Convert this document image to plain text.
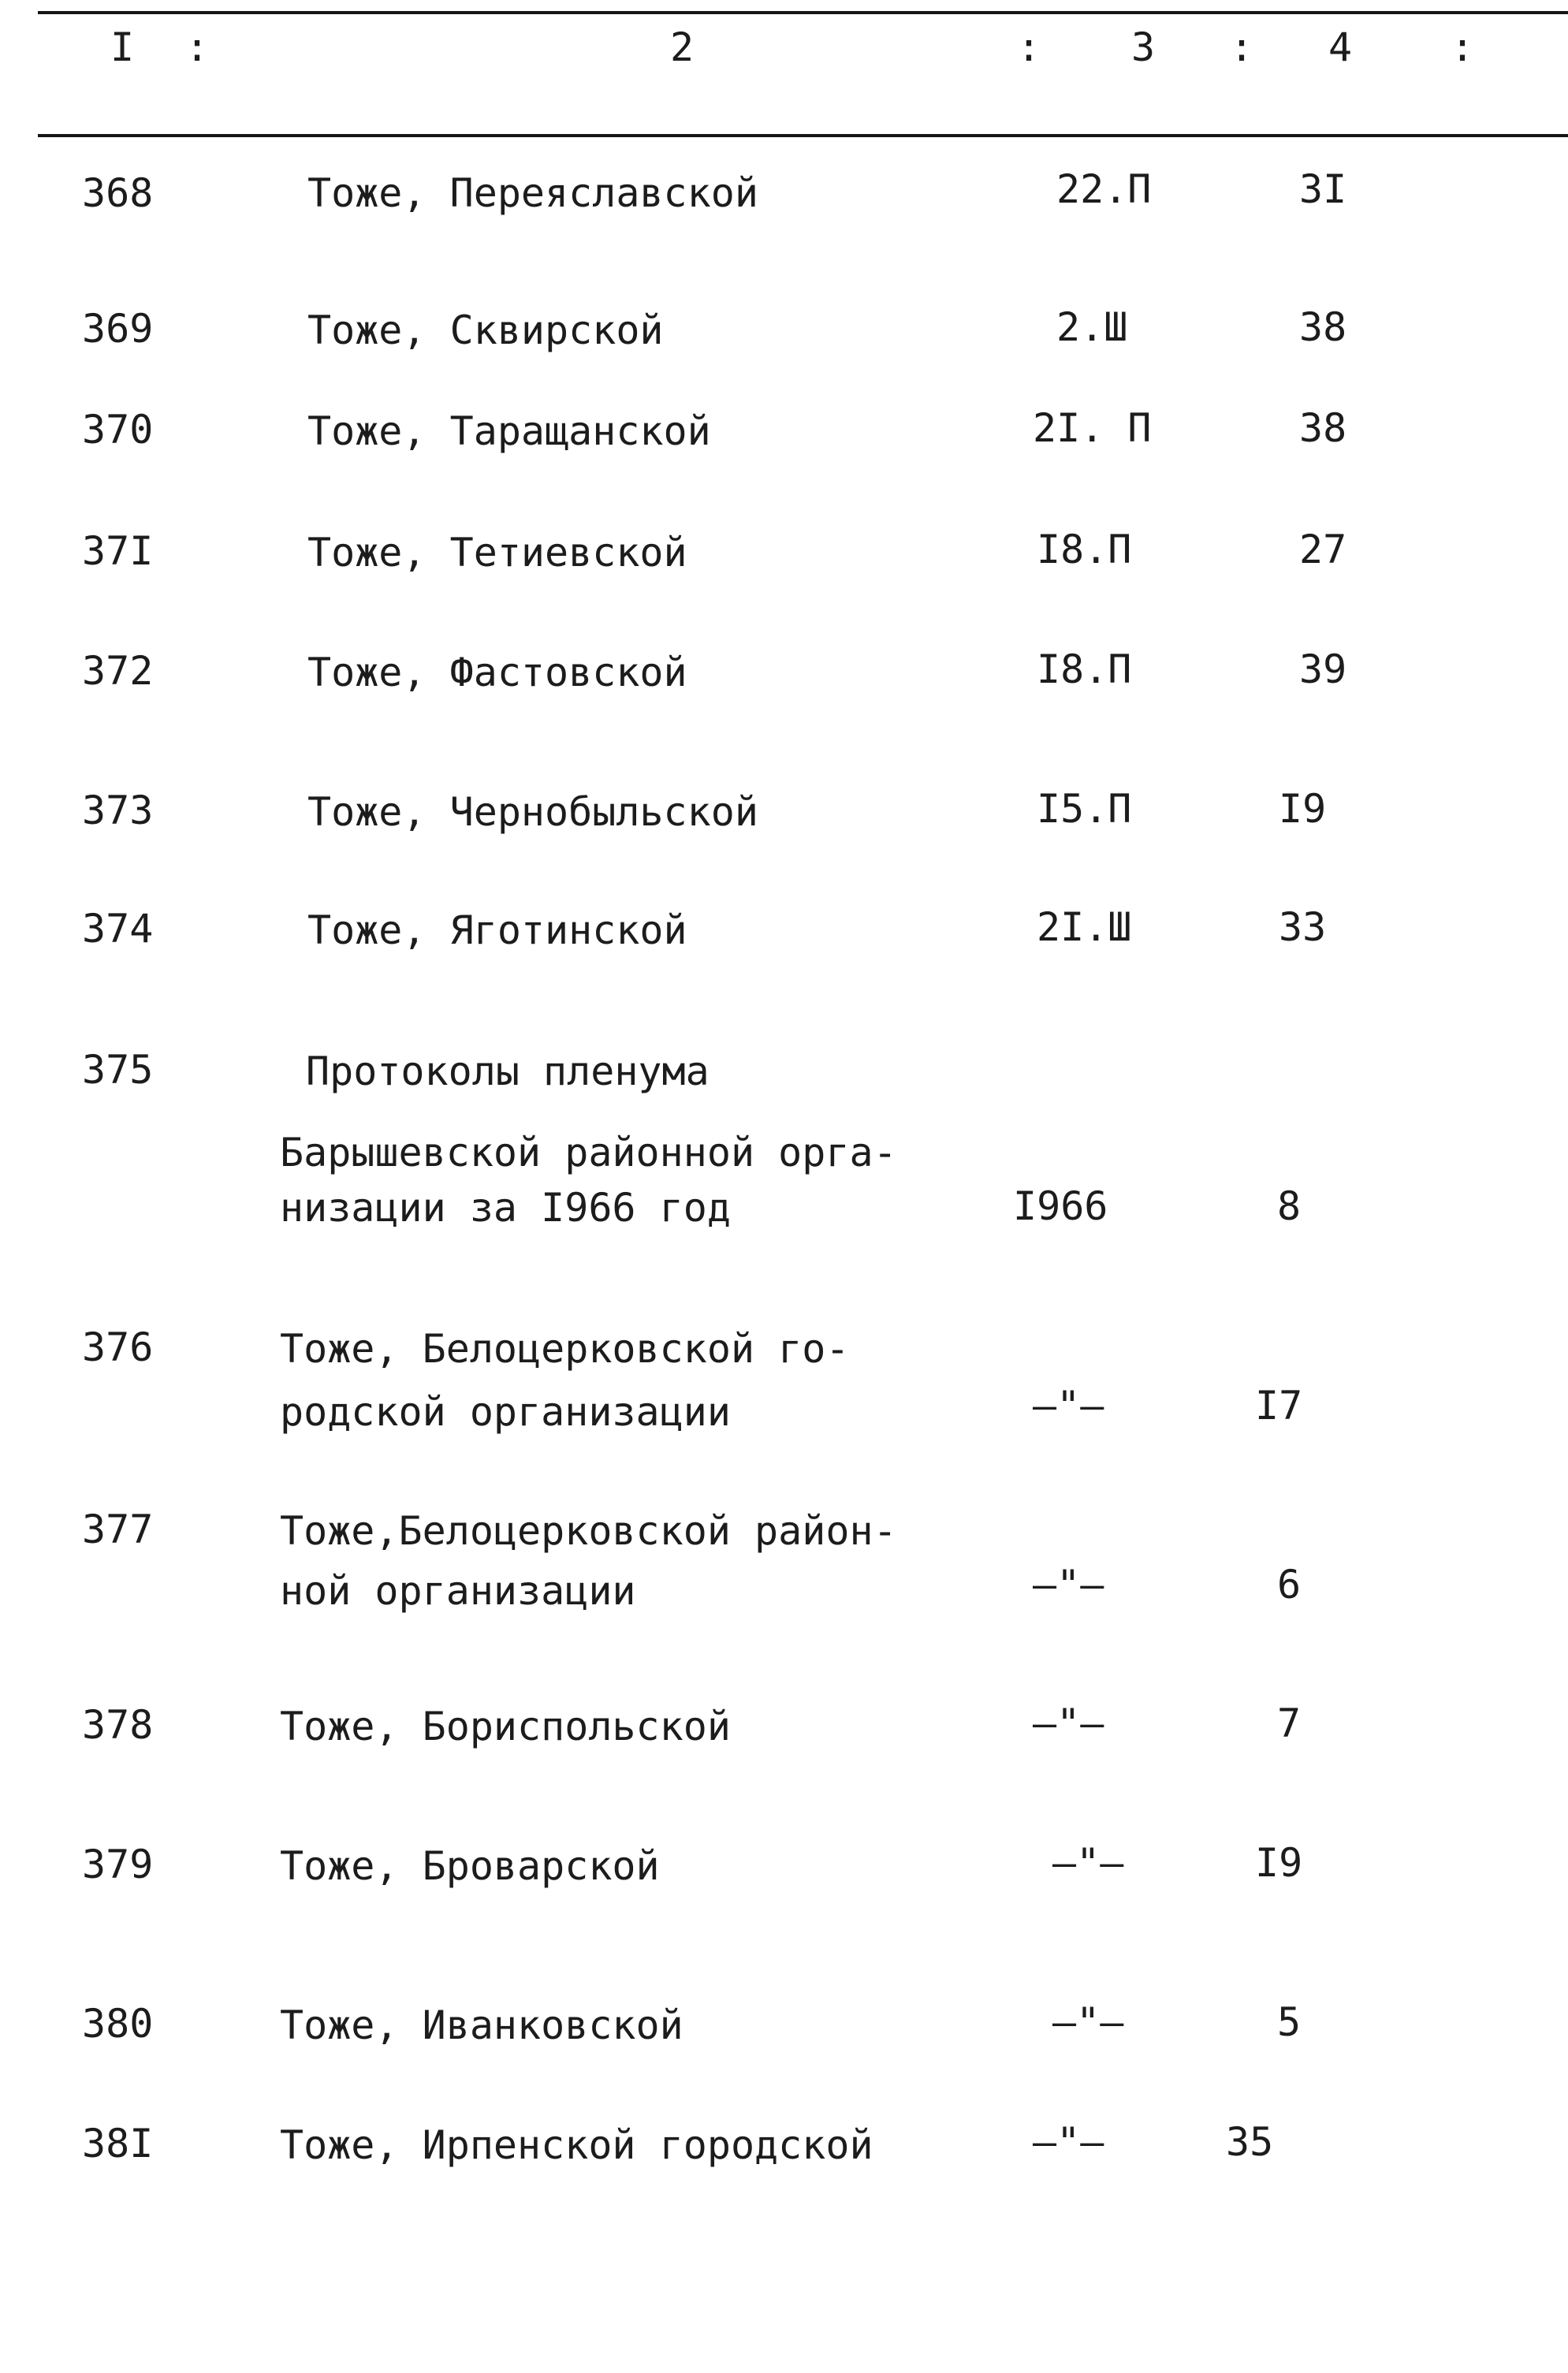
I :	2	: 3 : 4 :
368	Тоже, Переяславской	22.П	3I
369	Тоже, Сквирской	2.Ш	38
370	Тоже, Таращанской	2I. П	38
37I	Тоже, Тетиевской	I8.П	27
372	Тоже, Фастовской	I8.П	39
373	Тоже, Чернобыльской	I5.П	I9
374	Тоже, Яготинской	2I.Ш	33
375	Протоколы пленума
Барышевской районной орга-
низации за I966 год	I966	8
376	Тоже, Белоцерковской го-
родской организации	–"–	I7
377	Тоже,Белоцерковской район-
ной организации	–"–	6
378	Тоже, Бориспольской	–"–	7
379	Тоже, Броварской	–"–	I9
380	Тоже, Иванковской	–"–	5
38I	Тоже, Ирпенской городской	–"–	35
